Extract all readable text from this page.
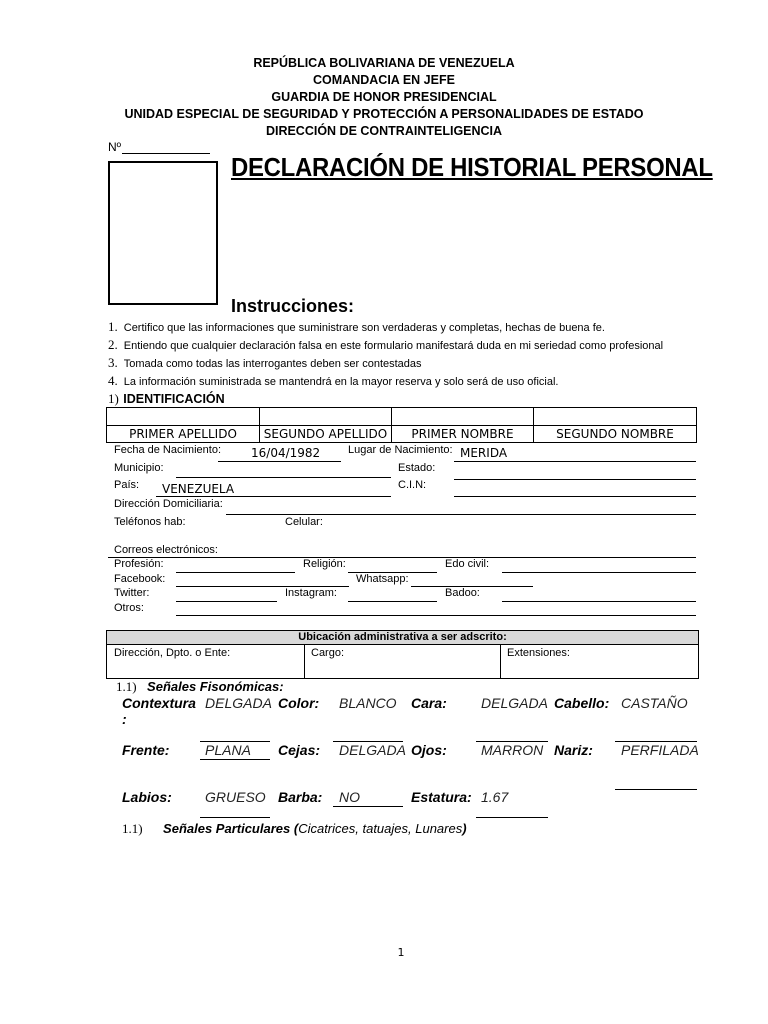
REPÚBLICA BOLIVARIANA DE VENEZUELA
COMANDACIA EN JEFE
GUARDIA DE HONOR PRESIDENCIAL
UNIDAD ESPECIAL DE SEGURIDAD Y PROTECCIÓN A PERSONALIDADES DE ESTADO
DIRECCIÓN DE CONTRAINTELIGENCIA
Nº
DECLARACIÓN DE HISTORIAL PERSONAL
Instrucciones:
1. Certifico que las informaciones que suministrare son verdaderas y completas, hechas de buena fe.
2. Entiendo que cualquier declaración falsa en este formulario manifestará duda en mi seriedad como profesional
3. Tomada como todas las interrogantes deben ser contestadas
4. La información suministrada se mantendrá en la mayor reserva y solo será de uso oficial.
1) IDENTIFICACIÓN

PRIMER APELLIDO	SEGUNDO APELLIDO	PRIMER NOMBRE	SEGUNDO NOMBRE
Fecha de Nacimiento:	16/04/1982	Lugar de Nacimiento: MERIDA
Municipio:	Estado:
País: VENEZUELA	C.I.N:
Dirección Domiciliaria:
Teléfonos hab:	Celular:
Correos electrónicos:
Profesión:	Religión:	Edo civil:
Facebook:	Whatsapp:
Twitter:	Instagram:	Badoo:
Otros:
Ubicación administrativa a ser adscrito:
Dirección, Dpto. o Ente:	Cargo:	Extensiones:
1.1) Señales Fisonómicas:
Contextura :
DELGADA Color: BLANCO Cara: DELGADA Cabello: CASTAÑO
Frente:	PLANA Cejas: DELGADA Ojos: MARRON Nariz: PERFILADA
Labios: GRUESO Barba: NO	Estatura: 1.67
1.1) Señales Particulares (Cicatrices, tatuajes, Lunares)
1
